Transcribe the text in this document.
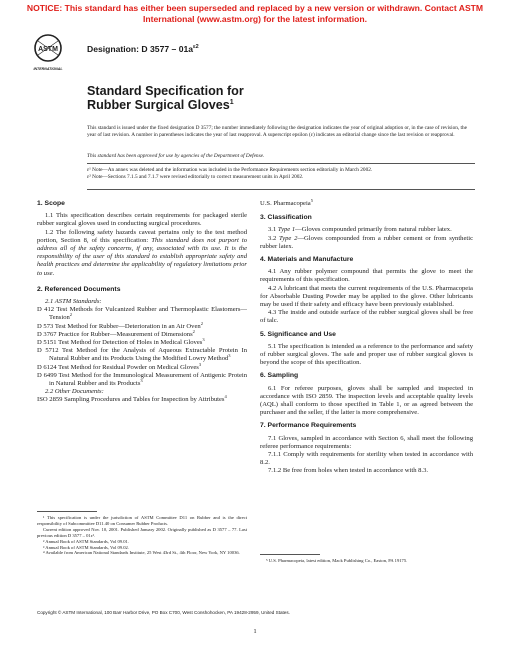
NOTICE: This standard has either been superseded and replaced by a new version or withdrawn. Contact ASTM
International (www.astm.org) for the latest information.
ASTM
INTERNATIONAL
Designation: D $3577 - 01a^{\varepsilon 2}$
Standard Specification for
Rubber Surgical Gloves$^1$
This standard is issued under the fixed designation D 3577; the number immediately following the designation indicates the year of original adoption or, in the case of revision, the year of last revision. A number in parentheses indicates the year of last reapproval. A superscript epsilon (ε) indicates an editorial change since the last revision or reapproval.
This standard has been approved for use by agencies of the Department of Defense.
ε¹ Note—An annex was deleted and the information was included in the Performance Requirements section editorially in March 2002.
ε² Note—Sections 7.1.5 and 7.1.7 were revised editorially to correct measurement units in April 2002.
1. Scope

1.1 This specification describes certain requirements for packaged sterile rubber surgical gloves used in conducting surgical procedures.

1.2 The following safety hazards caveat pertains only to the test method portion, Section 8, of this specification: This standard does not purport to address all of the safety concerns, if any, associated with its use. It is the responsibility of the user of this standard to establish appropriate safety and health practices and determine the applicability of regulatory limitations prior to use.

2. Referenced Documents

2.1 ASTM Standards:

D 412 Test Methods for Vulcanized Rubber and Thermoplastic Elastomers—Tension$^2$

D 573 Test Method for Rubber—Deterioration in an Air Oven$^2$

D 3767 Practice for Rubber—Measurement of Dimensions$^2$

D 5151 Test Method for Detection of Holes in Medical Gloves$^3$

D 5712 Test Method for the Analysis of Aqueous Extractable Protein In Natural Rubber and its Products Using the Modified Lowry Method$^3$

D 6124 Test Method for Residual Powder on Medical Gloves$^3$

D 6499 Test Method for the Immunological Measurement of Antigenic Protein in Natural Rubber and its Products$^3$

2.2 Other Documents:

ISO 2859 Sampling Procedures and Tables for Inspection by Attributes$^4$

¹ This specification is under the jurisdiction of ASTM Committee D11 on Rubber and is the direct responsibility of Subcommittee D11.40 on Consumer Rubber Products.
Current edition approved Nov. 10, 2001. Published January 2002. Originally published as D 3577 – 77. Last previous edition D 3577 – 01ε¹.
² Annual Book of ASTM Standards, Vol 09.01.
³ Annual Book of ASTM Standards, Vol 09.02.
⁴ Available from American National Standards Institute, 25 West 43rd St., 4th Floor, New York, NY 10036.

U.S. Pharmacopeia$^5$

3. Classification

3.1 Type 1—Gloves compounded primarily from natural rubber latex.

3.2 Type 2—Gloves compounded from a rubber cement or from synthetic rubber latex.

4. Materials and Manufacture

4.1 Any rubber polymer compound that permits the glove to meet the requirements of this specification.

4.2 A lubricant that meets the current requirements of the U.S. Pharmacopeia for Absorbable Dusting Powder may be applied to the glove. Other lubricants may be used if their safety and efficacy have been previously established.

4.3 The inside and outside surface of the rubber surgical gloves shall be free of talc.

5. Significance and Use

5.1 The specification is intended as a reference to the performance and safety of rubber surgical gloves. The safe and proper use of rubber surgical gloves is beyond the scope of this specification.

6. Sampling

6.1 For referee purposes, gloves shall be sampled and inspected in accordance with ISO 2859. The inspection levels and acceptable quality levels (AQL) shall conform to those specified in Table 1, or as agreed between the purchaser and the seller, if the latter is more comprehensive.

7. Performance Requirements

7.1 Gloves, sampled in accordance with Section 6, shall meet the following referee performance requirements:

7.1.1 Comply with requirements for sterility when tested in accordance with 8.2.

7.1.2 Be free from holes when tested in accordance with 8.3.

⁵ U.S. Pharmacopeia, latest edition, Mack Publishing Co., Easton, PA 19175.
Copyright © ASTM International, 100 Barr Harbor Drive, PO Box C700, West Conshohocken, PA 19428-2959, United States.
1
